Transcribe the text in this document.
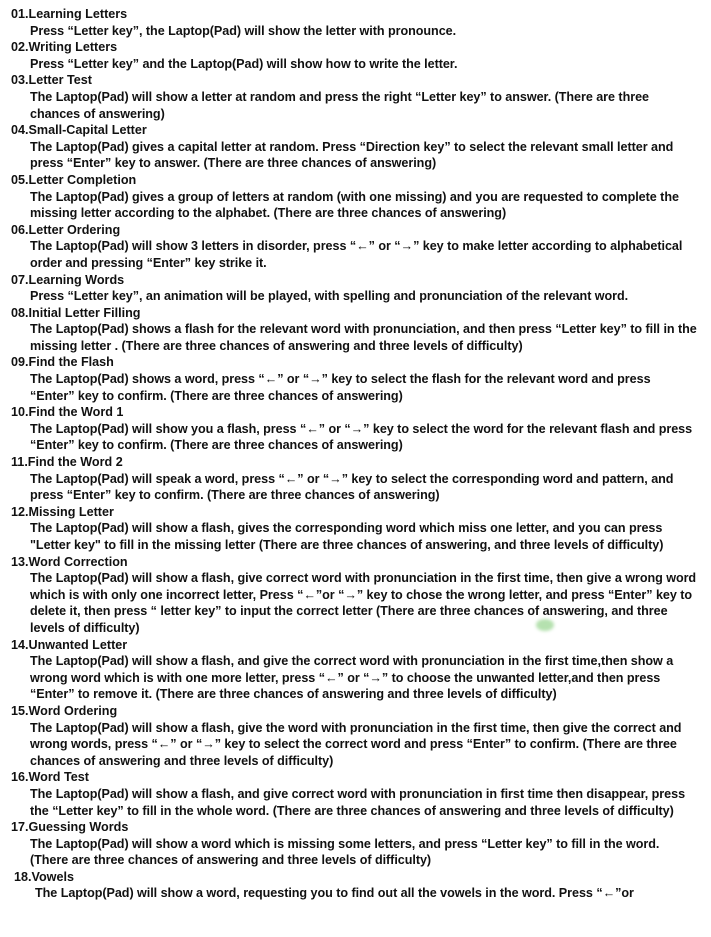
01.Learning Letters
Press “Letter key”, the Laptop(Pad) will show the letter with pronounce.
02.Writing Letters
Press “Letter key” and the Laptop(Pad) will show how to write the letter.
03.Letter Test
The Laptop(Pad) will show a letter at random and press the right “Letter key” to answer. (There are three chances of answering)
04.Small-Capital Letter
The Laptop(Pad) gives a capital letter at random. Press “Direction key” to select the relevant small letter and press “Enter” key to answer. (There are three chances of answering)
05.Letter Completion
The Laptop(Pad) gives a group of letters at random (with one missing) and you are requested to complete the missing letter according to the alphabet. (There are three chances of answering)
06.Letter Ordering
The Laptop(Pad) will show 3 letters in disorder, press “←” or “→” key to make letter according to alphabetical order and pressing “Enter” key strike it.
07.Learning Words
Press “Letter key”, an animation will be played, with spelling and pronunciation of the relevant word.
08.Initial Letter Filling
The Laptop(Pad) shows a flash for the relevant word with pronunciation, and then press “Letter key” to fill in the missing letter . (There are three chances of answering and three levels of difficulty)
09.Find the Flash
The Laptop(Pad) shows a word, press “←” or “→” key to select the flash for the relevant word and press “Enter” key to confirm. (There are three chances of answering)
10.Find the Word 1
The Laptop(Pad) will show you a flash, press “←” or “→” key to select the word for the relevant flash and press “Enter” key to confirm. (There are three chances of answering)
11.Find the Word 2
The Laptop(Pad) will speak a word, press “←” or “→” key to select the corresponding word and pattern, and press “Enter” key to confirm. (There are three chances of answering)
12.Missing Letter
The Laptop(Pad) will show a flash, gives the corresponding word which miss one letter, and you can press "Letter key" to fill in the missing letter (There are three chances of answering, and three levels of difficulty)
13.Word Correction
The Laptop(Pad) will show a flash, give correct word with pronunciation in the first time, then give a wrong word which is with only one incorrect letter, Press “←”or “→” key to chose the wrong letter, and press “Enter” key to delete it, then press “ letter key” to input the correct letter (There are three chances of answering, and three levels of difficulty)
14.Unwanted Letter
The Laptop(Pad) will show a flash, and give the correct word with pronunciation in the first time,then show a wrong word which is with one more letter, press “←” or “→” to choose the unwanted letter,and then press “Enter” to remove it. (There are three chances of answering and three levels of difficulty)
15.Word Ordering
The Laptop(Pad) will show a flash, give the word with pronunciation in the first time, then give the correct and wrong words, press “←” or “→” key to select the correct word and press “Enter” to confirm. (There are three chances of answering and three levels of difficulty)
16.Word Test
The Laptop(Pad) will show a flash, and give correct word with pronunciation in first time then disappear, press the “Letter key” to fill in the whole word. (There are three chances of answering and three levels of difficulty)
17.Guessing Words
The Laptop(Pad) will show a word which is missing some letters, and press “Letter key” to fill in the word. (There are three chances of answering and three levels of difficulty)
18.Vowels
The Laptop(Pad) will show a word, requesting you to find out all the vowels in the word. Press “←”or
